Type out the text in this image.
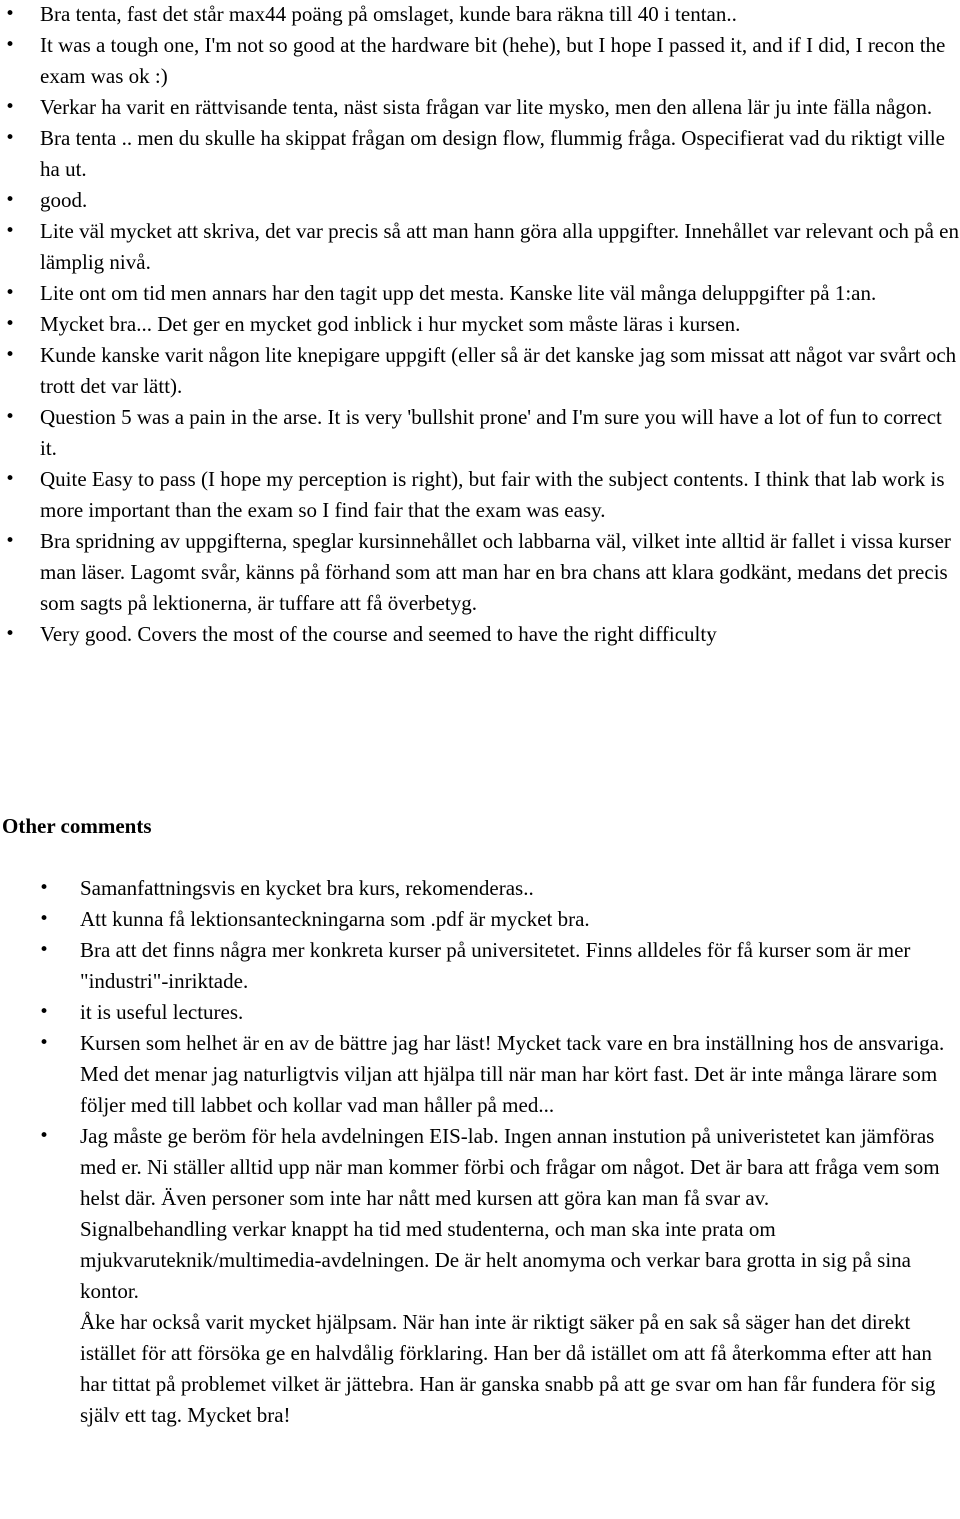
• Bra tenta, fast det står max44 poäng på omslaget, kunde bara räkna till 40 i tentan..
• It was a tough one, I'm not so good at the hardware bit (hehe), but I hope I passed it, and if I did, I recon the exam was ok :)
• Verkar ha varit en rättvisande tenta, näst sista frågan var lite mysko, men den allena lär ju inte fälla någon.
• Bra tenta .. men du skulle ha skippat frågan om design flow, flummig fråga. Ospecifierat vad du riktigt ville ha ut.
• good.
• Lite väl mycket att skriva, det var precis så att man hann göra alla uppgifter. Innehållet var relevant och på en lämplig nivå.
• Lite ont om tid men annars har den tagit upp det mesta. Kanske lite väl många deluppgifter på 1:an.
• Mycket bra... Det ger en mycket god inblick i hur mycket som måste läras i kursen.
• Kunde kanske varit någon lite knepigare uppgift (eller så är det kanske jag som missat att något var svårt och trott det var lätt).
• Question 5 was a pain in the arse. It is very 'bullshit prone' and I'm sure you will have a lot of fun to correct it.
• Quite Easy to pass (I hope my perception is right), but fair with the subject contents. I think that lab work is more important than the exam so I find fair that the exam was easy.
• Bra spridning av uppgifterna, speglar kursinnehållet och labbarna väl, vilket inte alltid är fallet i vissa kurser man läser. Lagomt svår, känns på förhand som att man har en bra chans att klara godkänt, medans det precis som sagts på lektionerna, är tuffare att få överbetyg.
• Very good. Covers the most of the course and seemed to have the right difficulty
Other comments
• Samanfattningsvis en kycket bra kurs, rekomenderas..
• Att kunna få lektionsanteckningarna som .pdf är mycket bra.
• Bra att det finns några mer konkreta kurser på universitetet. Finns alldeles för få kurser som är mer "industri"-inriktade.
• it is useful lectures.
• Kursen som helhet är en av de bättre jag har läst! Mycket tack vare en bra inställning hos de ansvariga. Med det menar jag naturligtvis viljan att hjälpa till när man har kört fast. Det är inte många lärare som följer med till labbet och kollar vad man håller på med...
• Jag måste ge beröm för hela avdelningen EIS-lab. Ingen annan instution på univeristetet kan jämföras med er. Ni ställer alltid upp när man kommer förbi och frågar om något. Det är bara att fråga vem som helst där. Även personer som inte har nått med kursen att göra kan man få svar av.
Signalbehandling verkar knappt ha tid med studenterna, och man ska inte prata om mjukvaruteknik/multimedia-avdelningen. De är helt anomyma och verkar bara grotta in sig på sina kontor.
Åke har också varit mycket hjälpsam. När han inte är riktigt säker på en sak så säger han det direkt istället för att försöka ge en halvdålig förklaring. Han ber då istället om att få återkomma efter att han har tittat på problemet vilket är jättebra. Han är ganska snabb på att ge svar om han får fundera för sig själv ett tag. Mycket bra!
